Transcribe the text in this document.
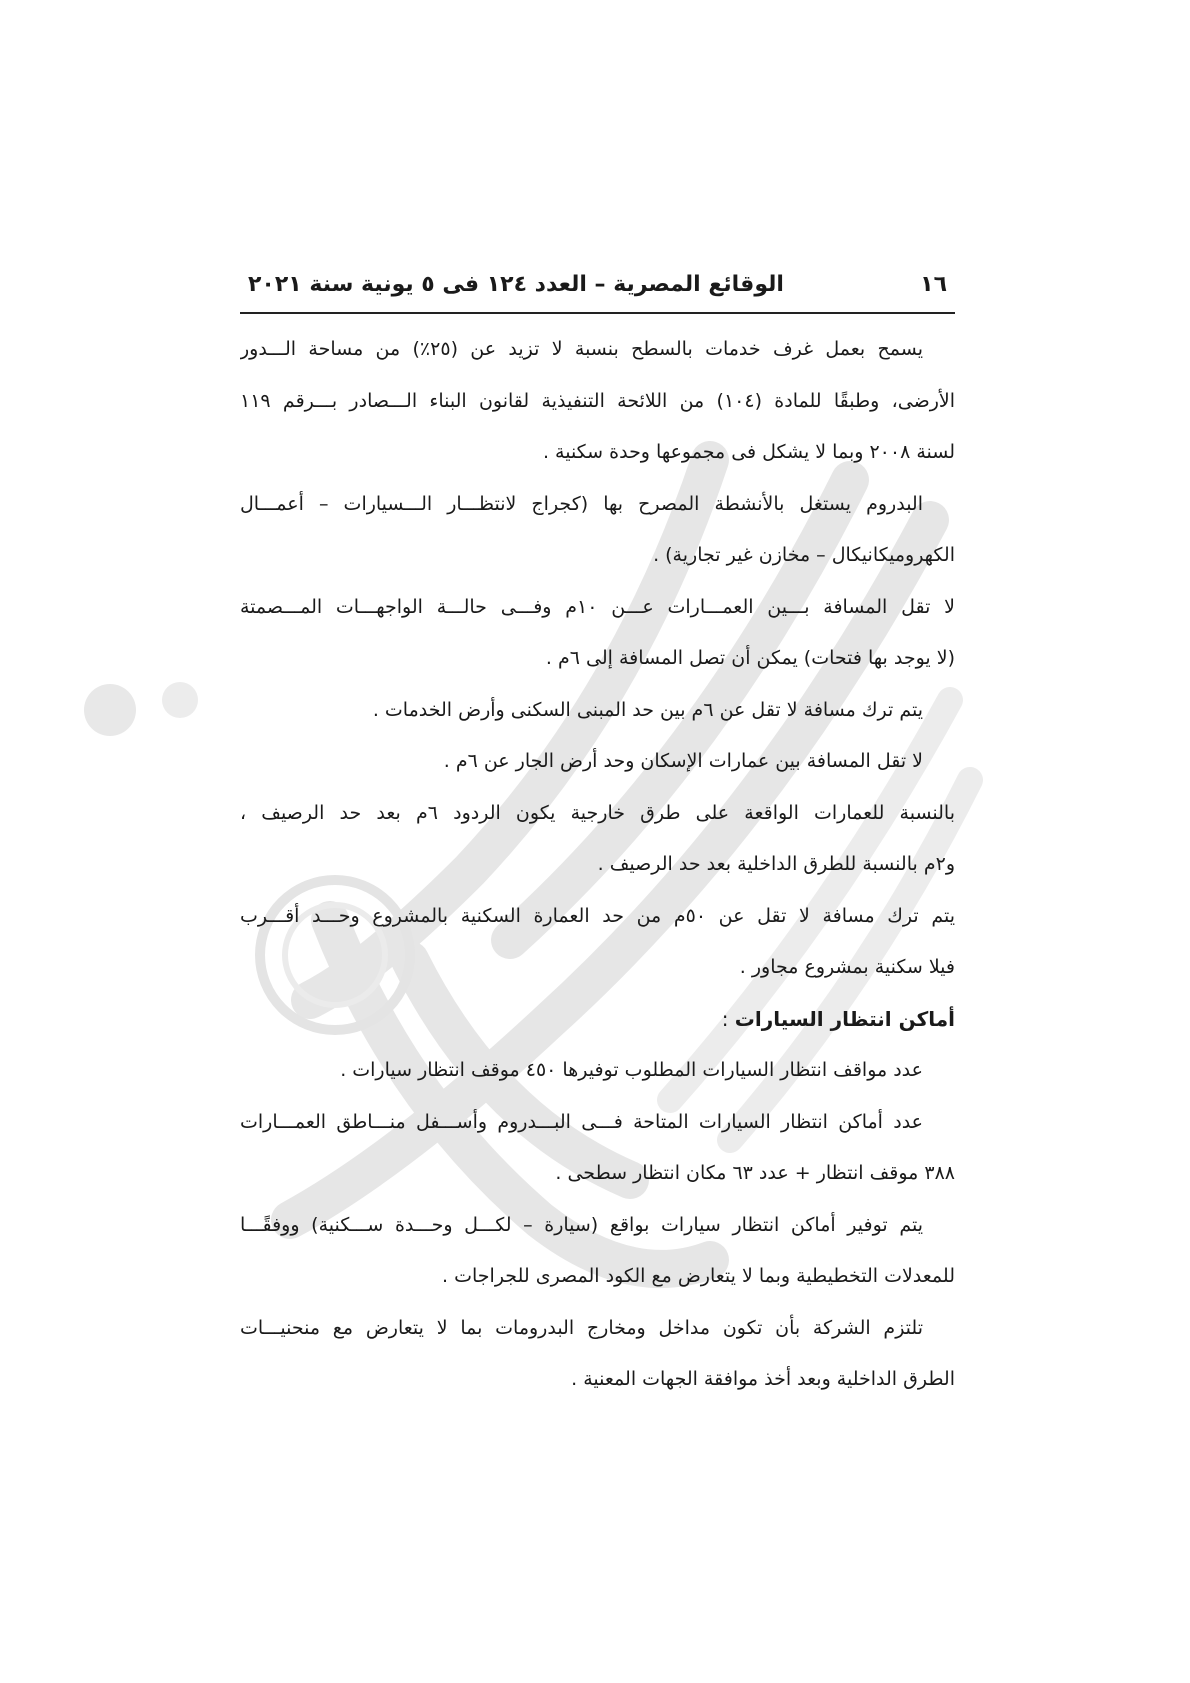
١٦
الوقائع المصرية – العدد ١٢٤ فى ٥ يونية سنة ٢٠٢١

يسمح بعمل غرف خدمات بالسطح بنسبة لا تزيد عن (٢٥٪) من مساحة الـــدور
الأرضى، وطبقًا للمادة (١٠٤) من اللائحة التنفيذية لقانون البناء الـــصادر بـــرقم ١١٩
لسنة ٢٠٠٨ وبما لا يشكل فى مجموعها وحدة سكنية .

البدروم يستغل بالأنشطة المصرح بها (كجراج لانتظـــار الـــسيارات – أعمـــال
الكهروميكانيكال – مخازن غير تجارية) .

لا تقل المسافة بـــين العمـــارات عـــن ١٠م وفـــى حالـــة الواجهـــات المـــصمتة
(لا يوجد بها فتحات) يمكن أن تصل المسافة إلى ٦م .

يتم ترك مسافة لا تقل عن ٦م بين حد المبنى السكنى وأرض الخدمات .

لا تقل المسافة بين عمارات الإسكان وحد أرض الجار عن ٦م .

بالنسبة للعمارات الواقعة على طرق خارجية يكون الردود ٦م بعد حد الرصيف ،
و٢م بالنسبة للطرق الداخلية بعد حد الرصيف .

يتم ترك مسافة لا تقل عن ٥٠م من حد العمارة السكنية بالمشروع وحـــد أقـــرب
فيلا سكنية بمشروع مجاور .

أماكن انتظار السيارات :

عدد مواقف انتظار السيارات المطلوب توفيرها ٤٥٠ موقف انتظار سيارات .

عدد أماكن انتظار السيارات المتاحة فـــى البـــدروم وأســـفل منـــاطق العمـــارات
٣٨٨ موقف انتظار + عدد ٦٣ مكان انتظار سطحى .

يتم توفير أماكن انتظار سيارات بواقع (سيارة – لكـــل وحـــدة ســـكنية) ووفقًـــا
للمعدلات التخطيطية وبما لا يتعارض مع الكود المصرى للجراجات .

تلتزم الشركة بأن تكون مداخل ومخارج البدرومات بما لا يتعارض مع منحنيـــات
الطرق الداخلية وبعد أخذ موافقة الجهات المعنية .
